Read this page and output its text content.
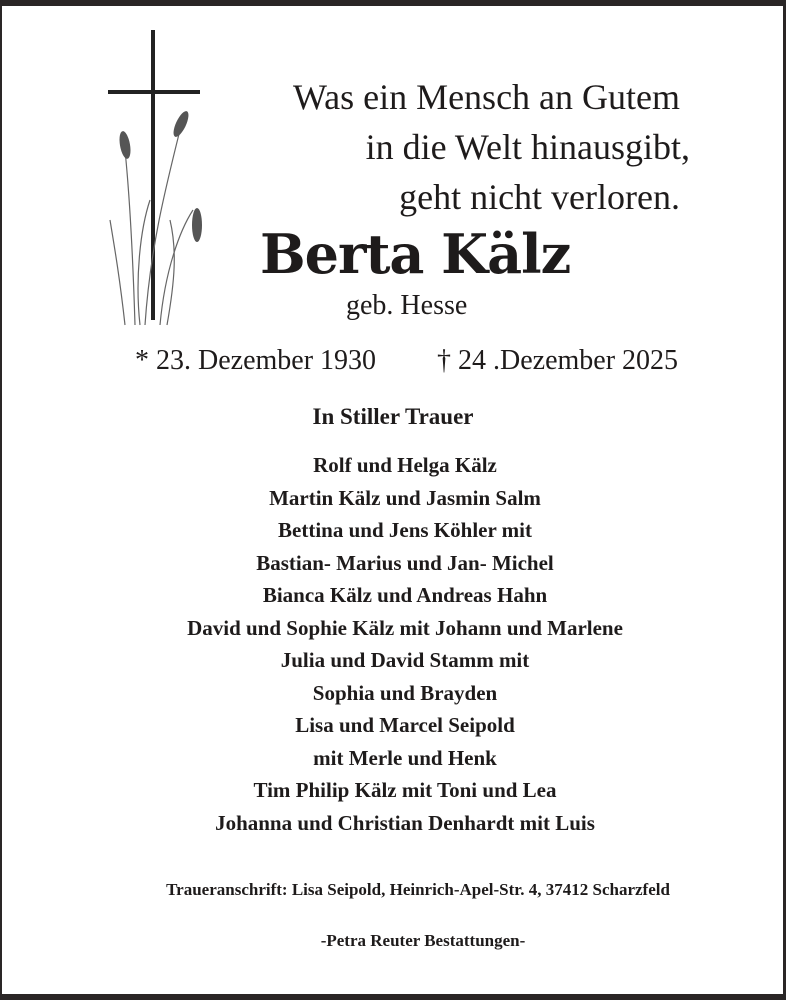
Was ein Mensch an Gutem
in die Welt hinausgibt,
geht nicht verloren.
Berta Kälz
geb. Hesse
* 23. Dezember 1930 † 24 .Dezember 2025
In Stiller Trauer
Rolf und Helga Kälz
Martin Kälz und Jasmin Salm
Bettina und Jens Köhler mit
Bastian- Marius und Jan- Michel
Bianca Kälz und Andreas Hahn
David und Sophie Kälz mit Johann und Marlene
Julia und David Stamm mit
Sophia und Brayden
Lisa und Marcel Seipold
mit Merle und Henk
Tim Philip Kälz mit Toni und Lea
Johanna und Christian Denhardt mit Luis
Traueranschrift: Lisa Seipold, Heinrich-Apel-Str. 4, 37412 Scharzfeld
-Petra Reuter Bestattungen-
